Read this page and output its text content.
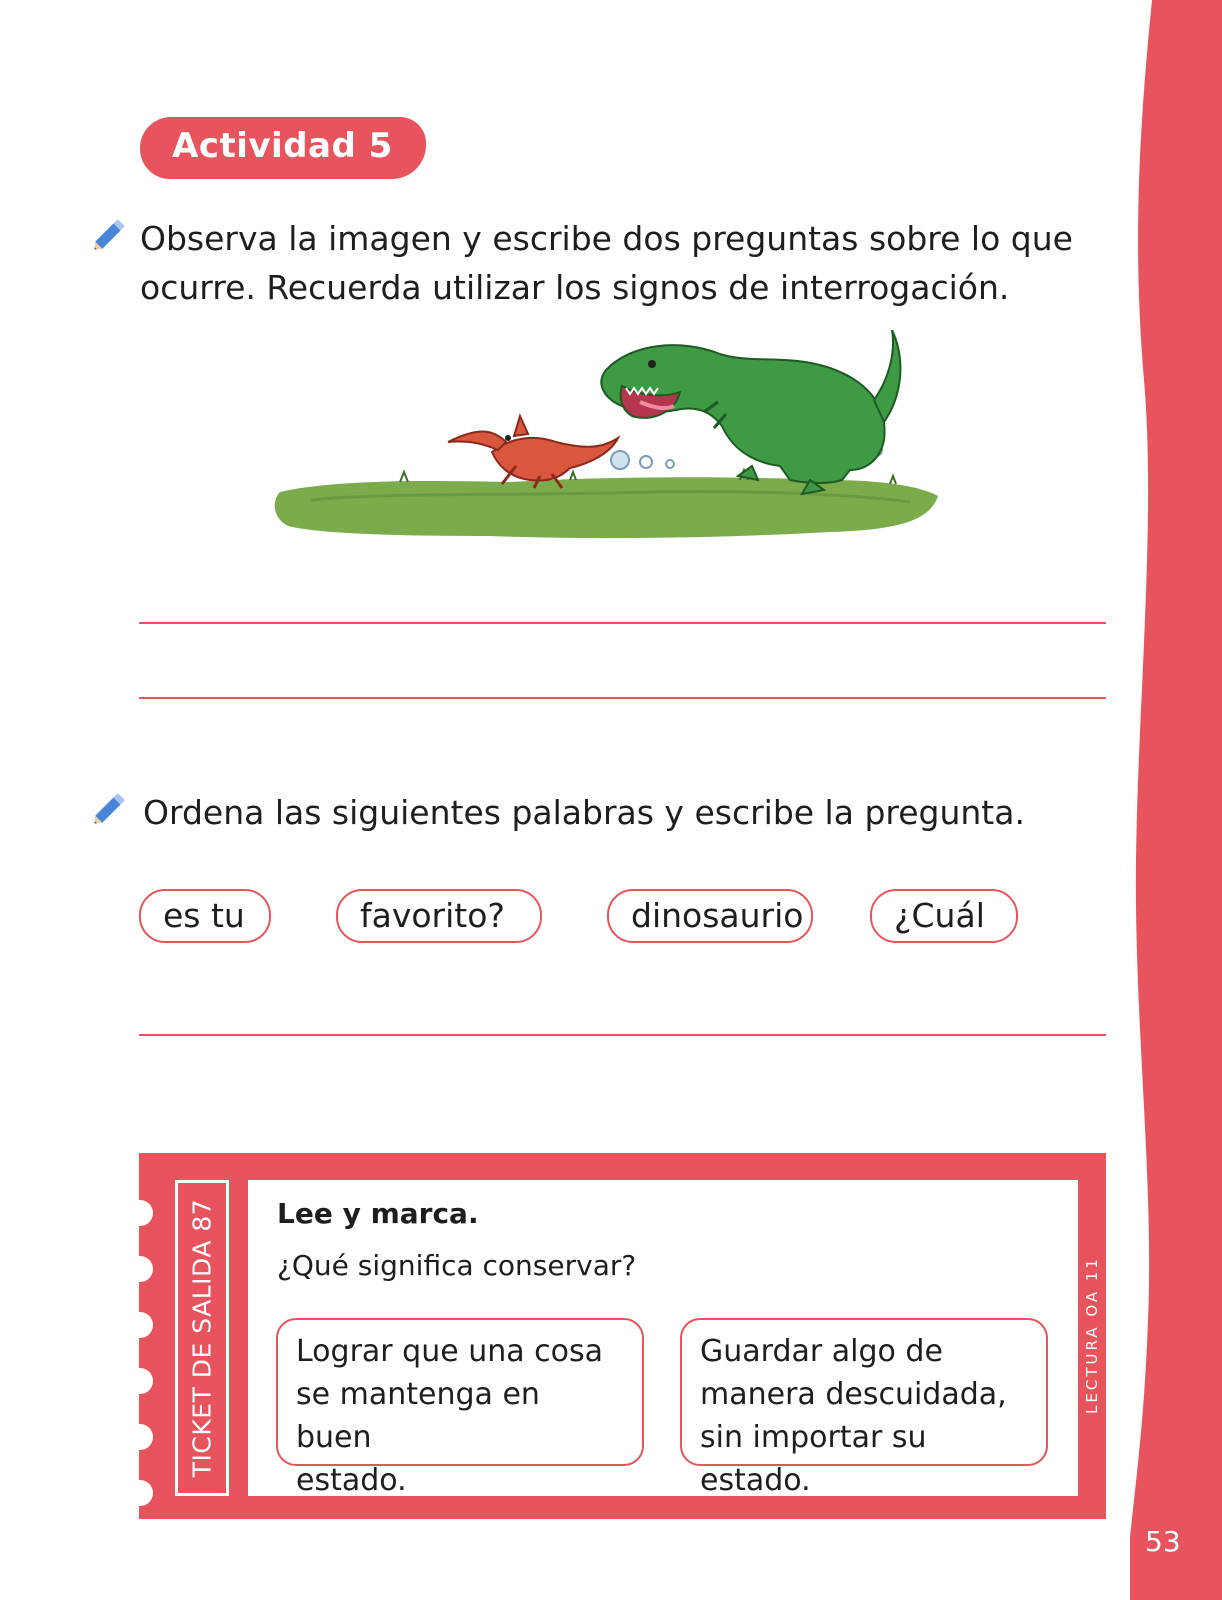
53
Actividad 5
Observa la imagen y escribe dos preguntas sobre lo que
ocurre. Recuerda utilizar los signos de interrogación.
Ordena las siguientes palabras y escribe la pregunta.
es tu	favorito?	dinosaurio	¿Cuál
TICKET DE SALIDA 87	LECTURA OA 11
Lee y marca.
¿Qué significa conservar?
Lograr que una cosa
se mantenga en buen
estado.
Guardar algo de
manera descuidada,
sin importar su estado.
